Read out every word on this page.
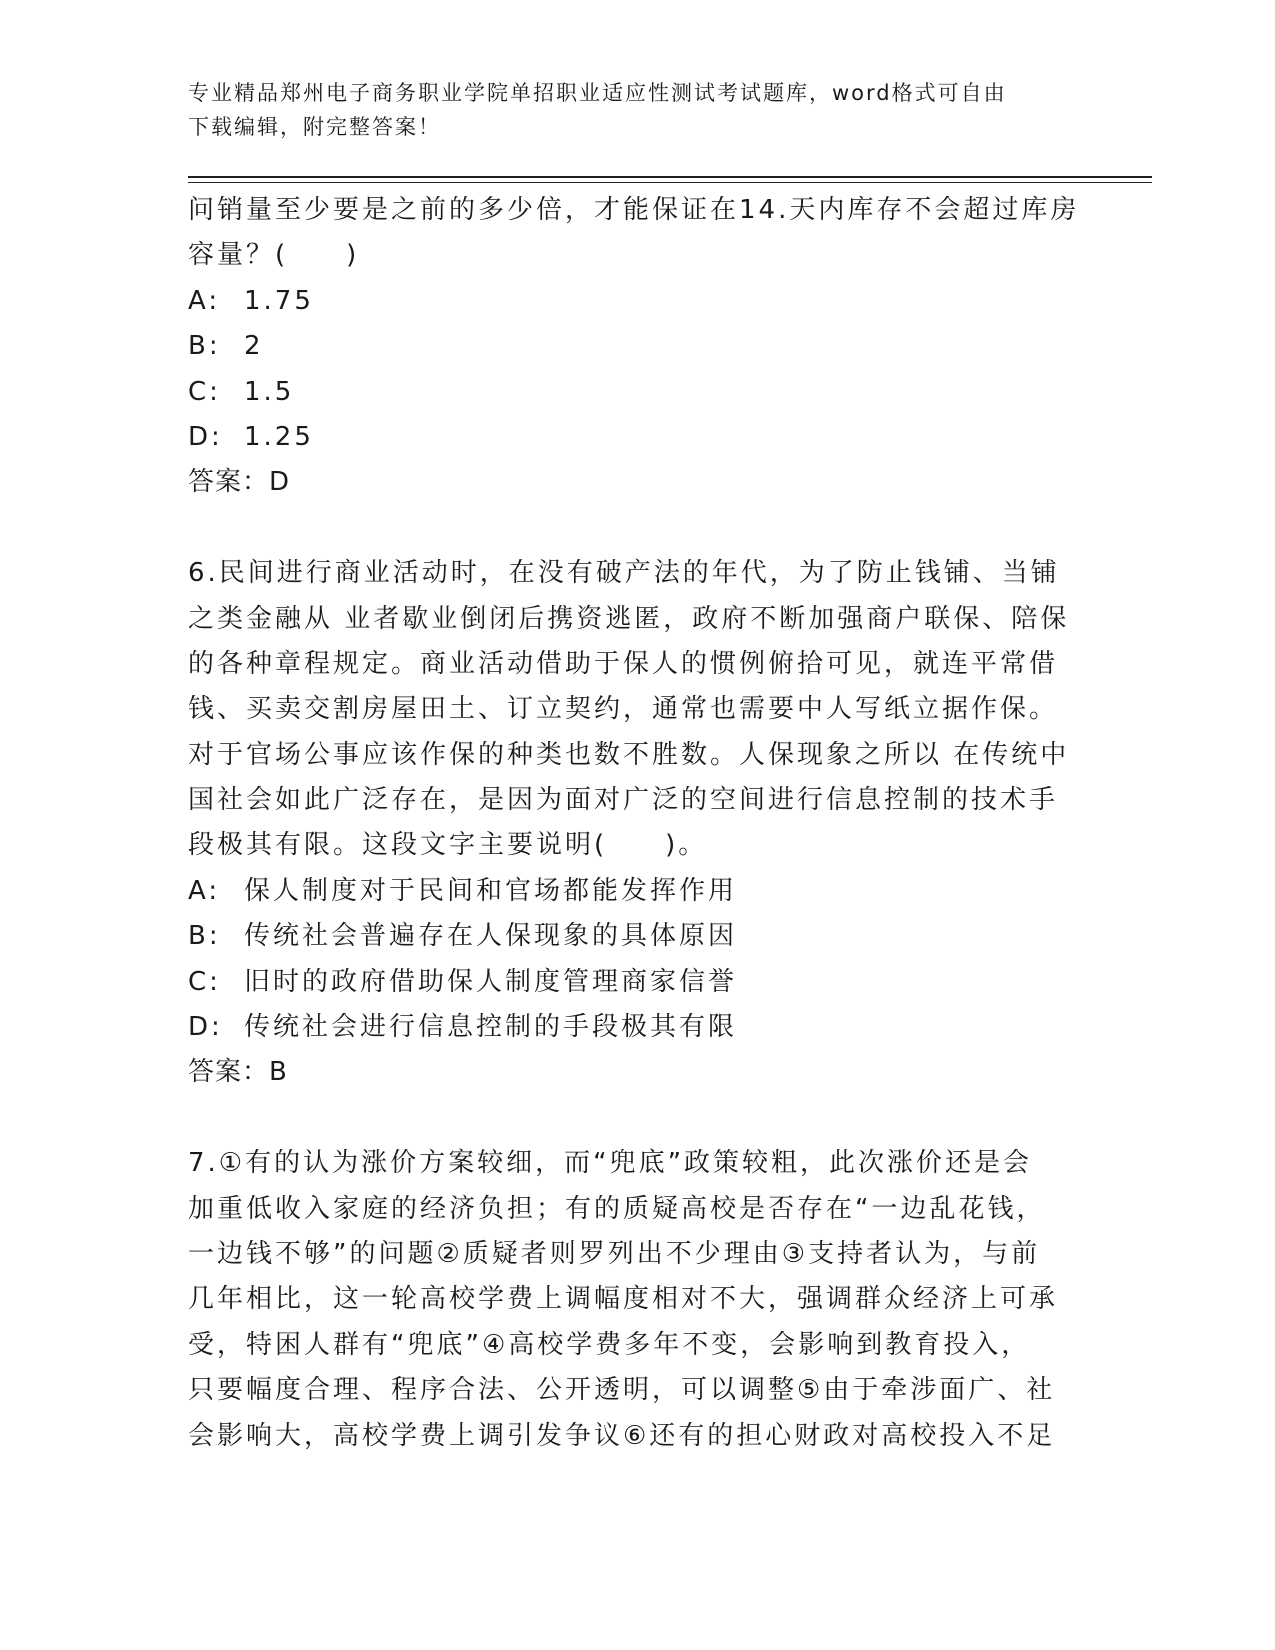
专业精品郑州电子商务职业学院单招职业适应性测试考试题库，word格式可自由
下载编辑，附完整答案！
问销量至少要是之前的多少倍，才能保证在14.天内库存不会超过库房
容量？(　　)
A: 1.75
B: 2
C: 1.5
D: 1.25
答案：D
6.民间进行商业活动时，在没有破产法的年代，为了防止钱铺、当铺
之类金融从 业者歇业倒闭后携资逃匿，政府不断加强商户联保、陪保
的各种章程规定。商业活动借助于保人的惯例俯拾可见，就连平常借
钱、买卖交割房屋田土、订立契约，通常也需要中人写纸立据作保。
对于官场公事应该作保的种类也数不胜数。人保现象之所以 在传统中
国社会如此广泛存在，是因为面对广泛的空间进行信息控制的技术手
段极其有限。这段文字主要说明(　　)。
A: 保人制度对于民间和官场都能发挥作用
B: 传统社会普遍存在人保现象的具体原因
C: 旧时的政府借助保人制度管理商家信誉
D: 传统社会进行信息控制的手段极其有限
答案：B
7.①有的认为涨价方案较细，而“兜底”政策较粗，此次涨价还是会
加重低收入家庭的经济负担；有的质疑高校是否存在“一边乱花钱，
一边钱不够”的问题②质疑者则罗列出不少理由③支持者认为，与前
几年相比，这一轮高校学费上调幅度相对不大，强调群众经济上可承
受，特困人群有“兜底”④高校学费多年不变，会影响到教育投入，
只要幅度合理、程序合法、公开透明，可以调整⑤由于牵涉面广、社
会影响大，高校学费上调引发争议⑥还有的担心财政对高校投入不足
